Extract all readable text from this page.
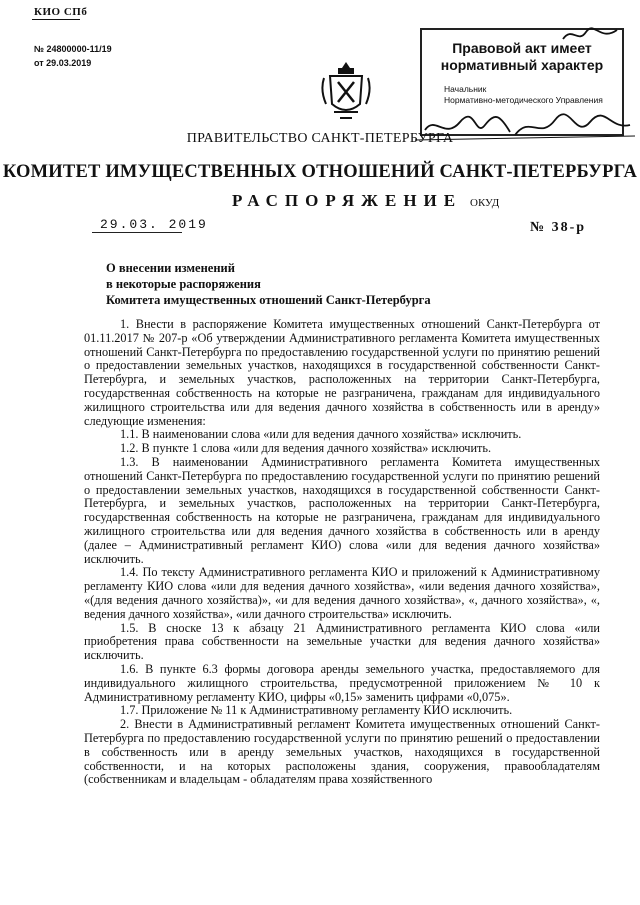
КИО СПб
№ 24800000-11/19
от 29.03.2019
Правовой акт имеет
нормативный характер
Начальник
Нормативно-методического Управления
ПРАВИТЕЛЬСТВО САНКТ-ПЕТЕРБУРГА
КОМИТЕТ ИМУЩЕСТВЕННЫХ ОТНОШЕНИЙ САНКТ-ПЕТЕРБУРГА
РАСПОРЯЖЕНИЕ ОКУД
29.03. 2019	№ 38-р
О внесении изменений
в некоторые распоряжения
Комитета имущественных отношений Санкт-Петербурга

1. Внести в распоряжение Комитета имущественных отношений Санкт-Петербурга от 01.11.2017 № 207-р «Об утверждении Административного регламента Комитета имущественных отношений Санкт-Петербурга по предоставлению государственной услуги по принятию решений о предоставлении земельных участков, находящихся в государственной собственности Санкт-Петербурга, и земельных участков, расположенных на территории Санкт-Петербурга, государственная собственность на которые не разграничена, гражданам для индивидуального жилищного строительства или для ведения дачного хозяйства в собственность или в аренду» следующие изменения:

1.1. В наименовании слова «или для ведения дачного хозяйства» исключить.

1.2. В пункте 1 слова «или для ведения дачного хозяйства» исключить.

1.3. В наименовании Административного регламента Комитета имущественных отношений Санкт-Петербурга по предоставлению государственной услуги по принятию решений о предоставлении земельных участков, находящихся в государственной собственности Санкт-Петербурга, и земельных участков, расположенных на территории Санкт-Петербурга, государственная собственность на которые не разграничена, гражданам для индивидуального жилищного строительства или для ведения дачного хозяйства в собственность или в аренду (далее – Административный регламент КИО) слова «или для ведения дачного хозяйства» исключить.

1.4. По тексту Административного регламента КИО и приложений к Административному регламенту КИО слова «или для ведения дачного хозяйства», «или ведения дачного хозяйства», «(для ведения дачного хозяйства)», «и для ведения дачного хозяйства», «, дачного хозяйства», «, ведения дачного хозяйства», «или дачного строительства» исключить.

1.5. В сноске 13 к абзацу 21 Административного регламента КИО слова «или приобретения права собственности на земельные участки для ведения дачного хозяйства» исключить.

1.6. В пункте 6.3 формы договора аренды земельного участка, предоставляемого для индивидуального жилищного строительства, предусмотренной приложением № 10 к Административному регламенту КИО, цифры «0,15» заменить цифрами «0,075».

1.7. Приложение № 11 к Административному регламенту КИО исключить.

2. Внести в Административный регламент Комитета имущественных отношений Санкт-Петербурга по предоставлению государственной услуги по принятию решений о предоставлении в собственность или в аренду земельных участков, находящихся в государственной собственности, и на которых расположены здания, сооружения, правообладателям (собственникам и владельцам - обладателям права хозяйственного
